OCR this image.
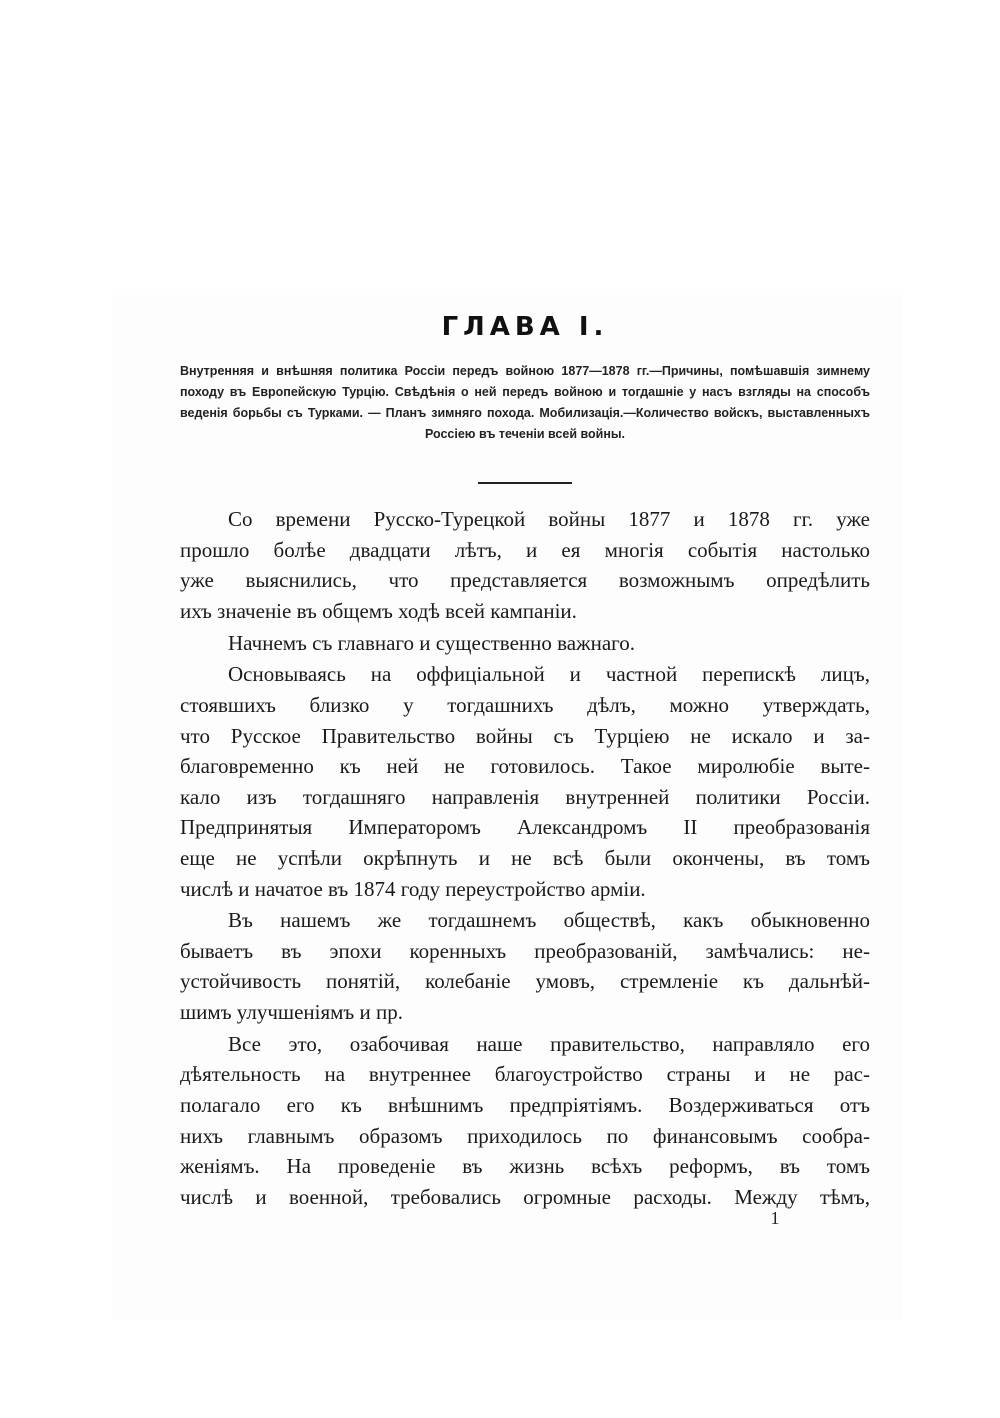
ГЛАВА I.
Внутренняя и внѣшняя политика Россіи передъ войною 1877—1878 гг.—Причины, помѣшавшія зимнему походу въ Европейскую Турцію. Свѣдѣнія о ней передъ войною и тогдашніе у насъ взгляды на способъ веденія борьбы съ Турками. — Планъ зимняго похода. Мобилизація.—Количество войскъ, выставленныхъ Россіею въ теченіи всей войны.
Со времени Русско-Турецкой войны 1877 и 1878 гг. уже
прошло болѣе двадцати лѣтъ, и ея многія событія настолько
уже выяснились, что представляется возможнымъ опредѣлить
ихъ значеніе въ общемъ ходѣ всей кампаніи.
Начнемъ съ главнаго и существенно важнаго.
Основываясь на оффиціальной и частной перепискѣ лицъ,
стоявшихъ близко у тогдашнихъ дѣлъ, можно утверждать,
что Русское Правительство войны съ Турціею не искало и за-
благовременно къ ней не готовилось. Такое миролюбіе выте-
кало изъ тогдашняго направленія внутренней политики Россіи.
Предпринятыя Императоромъ Александромъ II преобразованія
еще не успѣли окрѣпнуть и не всѣ были окончены, въ томъ
числѣ и начатое въ 1874 году переустройство арміи.
Въ нашемъ же тогдашнемъ обществѣ, какъ обыкновенно
бываетъ въ эпохи коренныхъ преобразованій, замѣчались: не-
устойчивость понятій, колебаніе умовъ, стремленіе къ дальнѣй-
шимъ улучшеніямъ и пр.
Все это, озабочивая наше правительство, направляло его
дѣятельность на внутреннее благоустройство страны и не рас-
полагало его къ внѣшнимъ предпріятіямъ. Воздерживаться отъ
нихъ главнымъ образомъ приходилось по финансовымъ сообра-
женіямъ. На проведеніе въ жизнь всѣхъ реформъ, въ томъ
числѣ и военной, требовались огромные расходы. Между тѣмъ,
1
